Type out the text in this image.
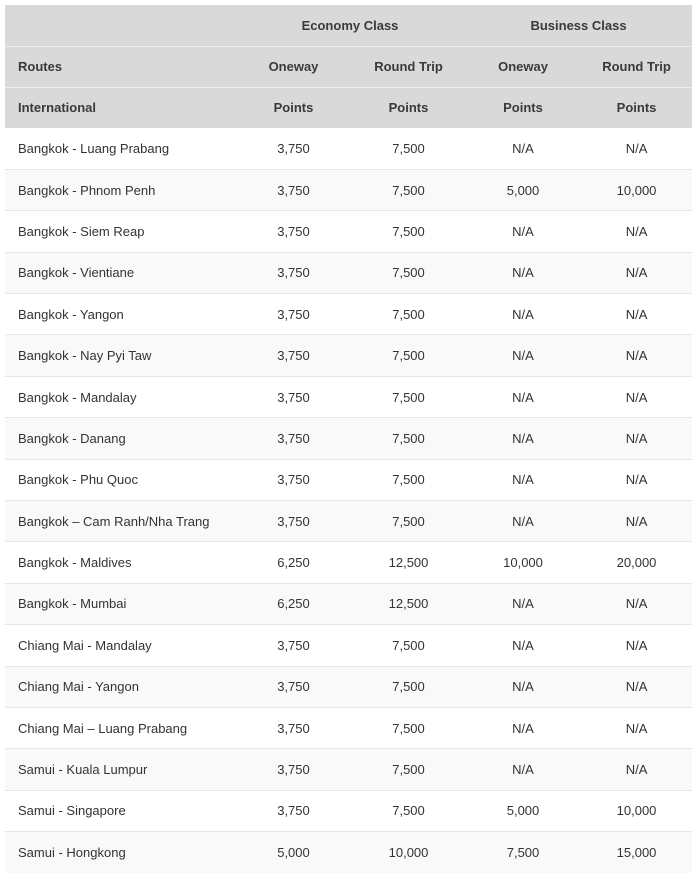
	Economy Class		Business Class	
Routes	Oneway	Round Trip	Oneway	Round Trip
International	Points	Points	Points	Points
Bangkok - Luang Prabang	3,750	7,500	N/A	N/A
Bangkok - Phnom Penh	3,750	7,500	5,000	10,000
Bangkok - Siem Reap	3,750	7,500	N/A	N/A
Bangkok - Vientiane	3,750	7,500	N/A	N/A
Bangkok - Yangon	3,750	7,500	N/A	N/A
Bangkok - Nay Pyi Taw	3,750	7,500	N/A	N/A
Bangkok - Mandalay	3,750	7,500	N/A	N/A
Bangkok - Danang	3,750	7,500	N/A	N/A
Bangkok - Phu Quoc	3,750	7,500	N/A	N/A
Bangkok – Cam Ranh/Nha Trang	3,750	7,500	N/A	N/A
Bangkok - Maldives	6,250	12,500	10,000	20,000
Bangkok - Mumbai	6,250	12,500	N/A	N/A
Chiang Mai - Mandalay	3,750	7,500	N/A	N/A
Chiang Mai - Yangon	3,750	7,500	N/A	N/A
Chiang Mai – Luang Prabang	3,750	7,500	N/A	N/A
Samui - Kuala Lumpur	3,750	7,500	N/A	N/A
Samui - Singapore	3,750	7,500	5,000	10,000
Samui - Hongkong	5,000	10,000	7,500	15,000
